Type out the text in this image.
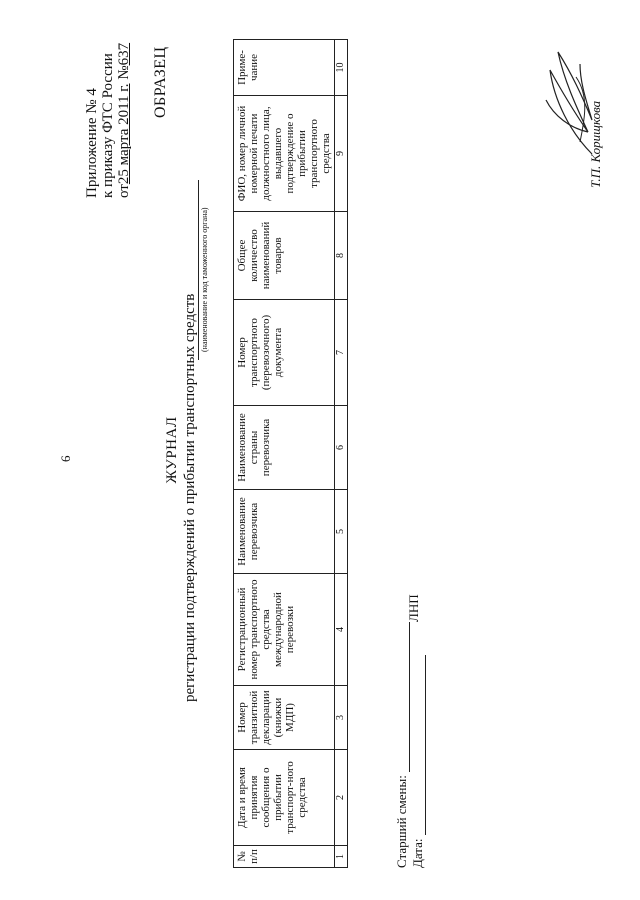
6
Приложение № 4 к приказу ФТС России от25 марта 2011 г. №637 ОБРАЗЕЦ
ЖУРНАЛ регистрации подтверждений о прибытии транспортных средств
(наименование и код таможенного органа)
№ п/п	Дата и время принятия сообщения о прибытии транспорт-ного средства	Номер транзитной декларации (книжки МДП)	Регистрационный номер транспортного средства международной перевозки	Наименование перевозчика	Наименование страны перевозчика	Номер транспортного (перевозочного) документа	Общее количество наименований товаров	ФИО, номер личной номерной печати должностного лица, выдавшего подтверждение о прибытии транспортного средства	Приме-чание
1	2	3	4	5	6	7	8	9	10
Старший смены: Дата:
ЛНП
Т.П. Корищкова
